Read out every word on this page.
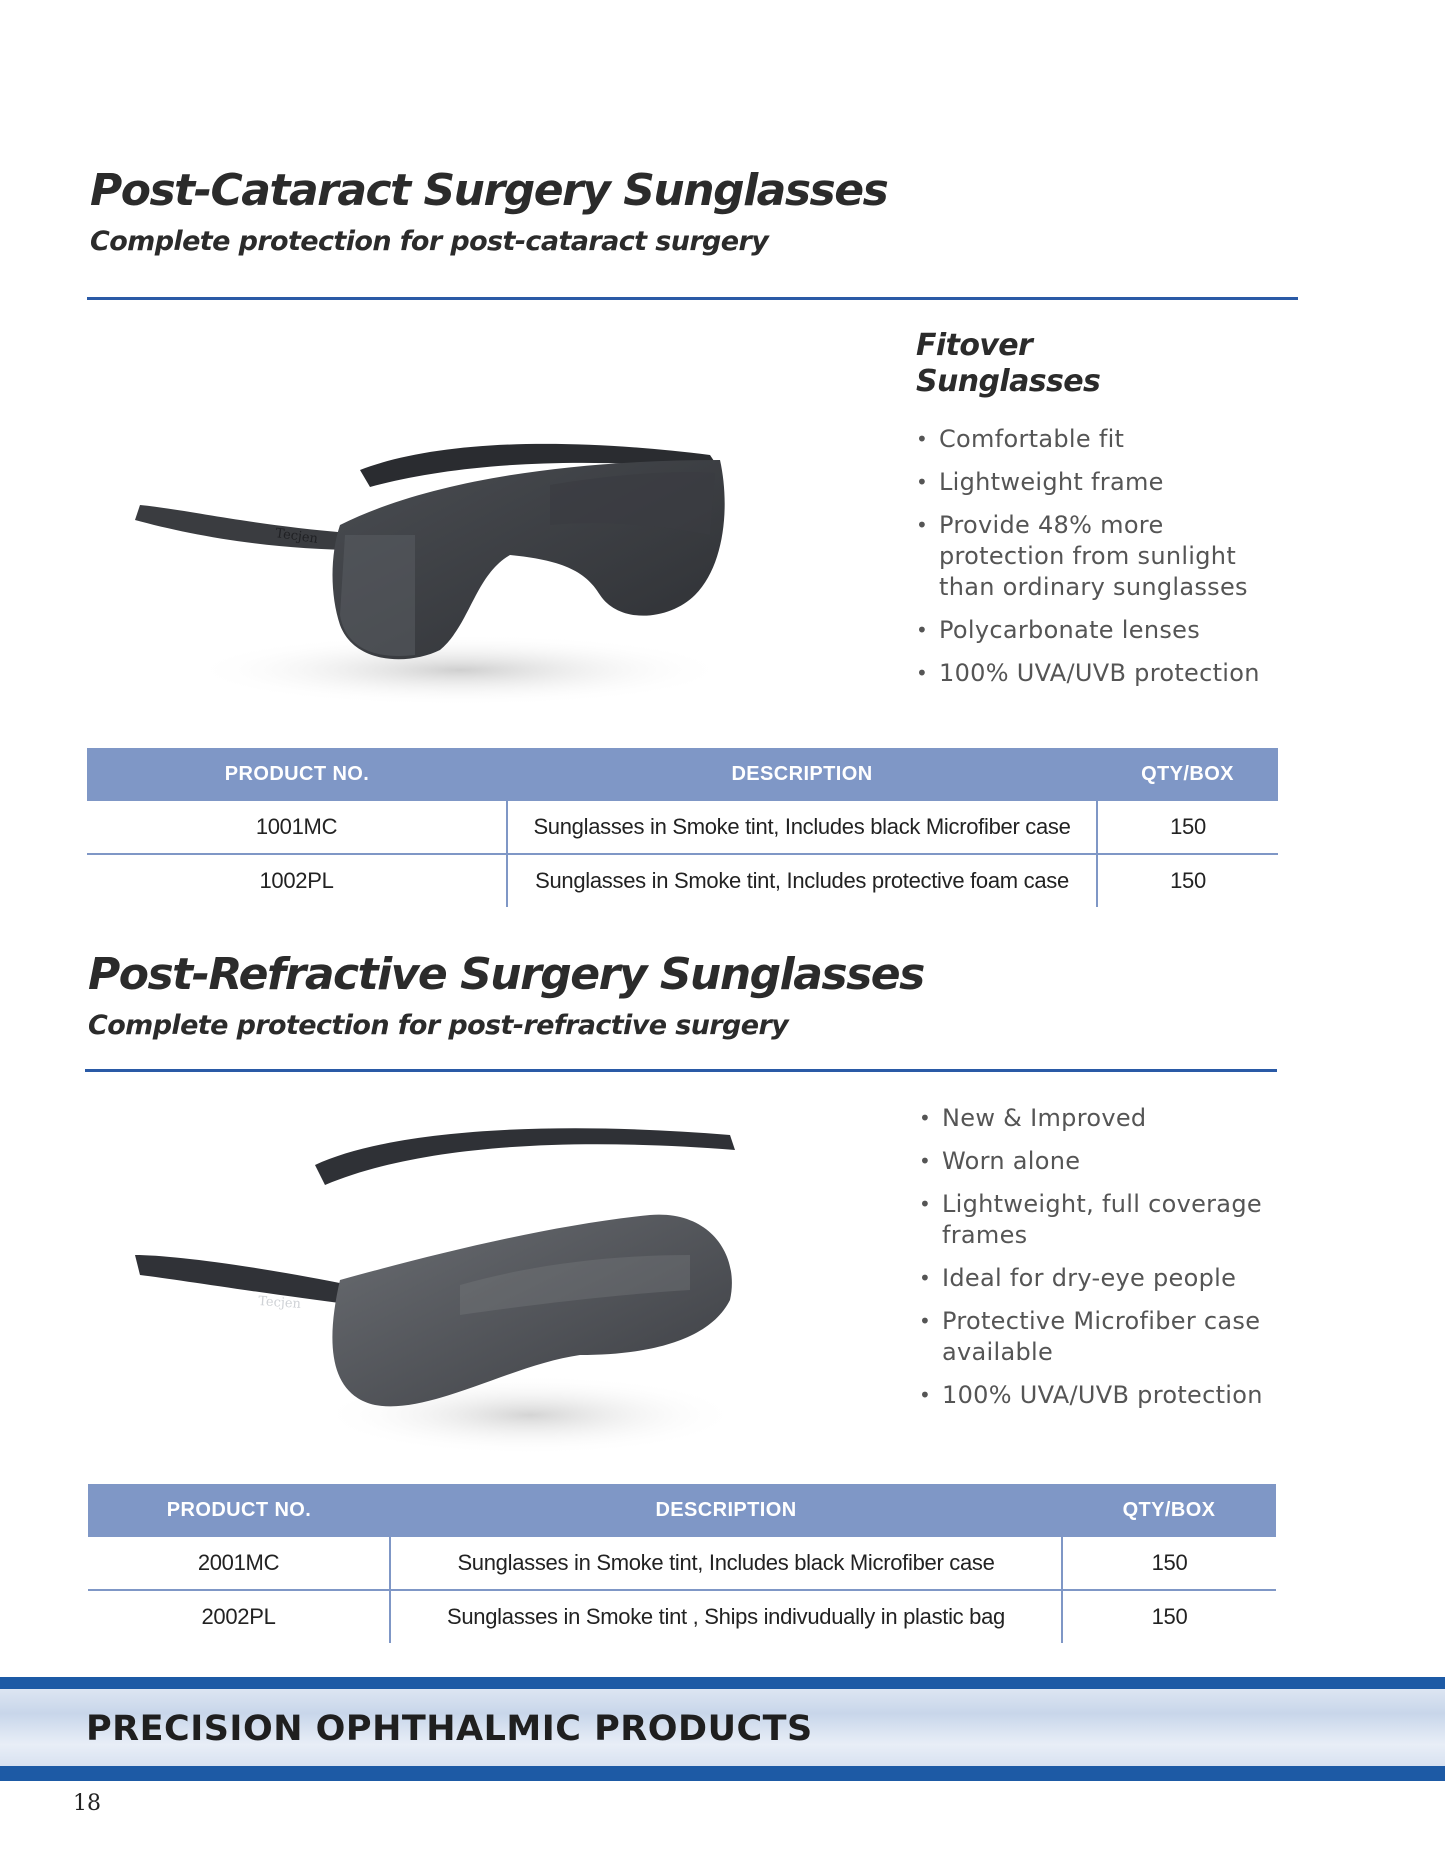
Post-Cataract Surgery Sunglasses
Complete protection for post-cataract surgery
Tecjen
Fitover
Sunglasses
• Comfortable fit
• Lightweight frame
• Provide 48% more protection from sunlight than ordinary sunglasses
• Polycarbonate lenses
• 100% UVA/UVB protection
PRODUCT NO.	DESCRIPTION	QTY/BOX
1001MC	Sunglasses in Smoke tint, Includes black Microfiber case	150
1002PL	Sunglasses in Smoke tint, Includes protective foam case	150
Post-Refractive Surgery Sunglasses
Complete protection for post-refractive surgery
Tecjen
• New & Improved
• Worn alone
• Lightweight, full coverage frames
• Ideal for dry-eye people
• Protective Microfiber case available
• 100% UVA/UVB protection
PRODUCT NO.	DESCRIPTION	QTY/BOX
2001MC	Sunglasses in Smoke tint, Includes black Microfiber case	150
2002PL	Sunglasses in Smoke tint , Ships indivudually in plastic bag	150
PRECISION OPHTHALMIC PRODUCTS
18
